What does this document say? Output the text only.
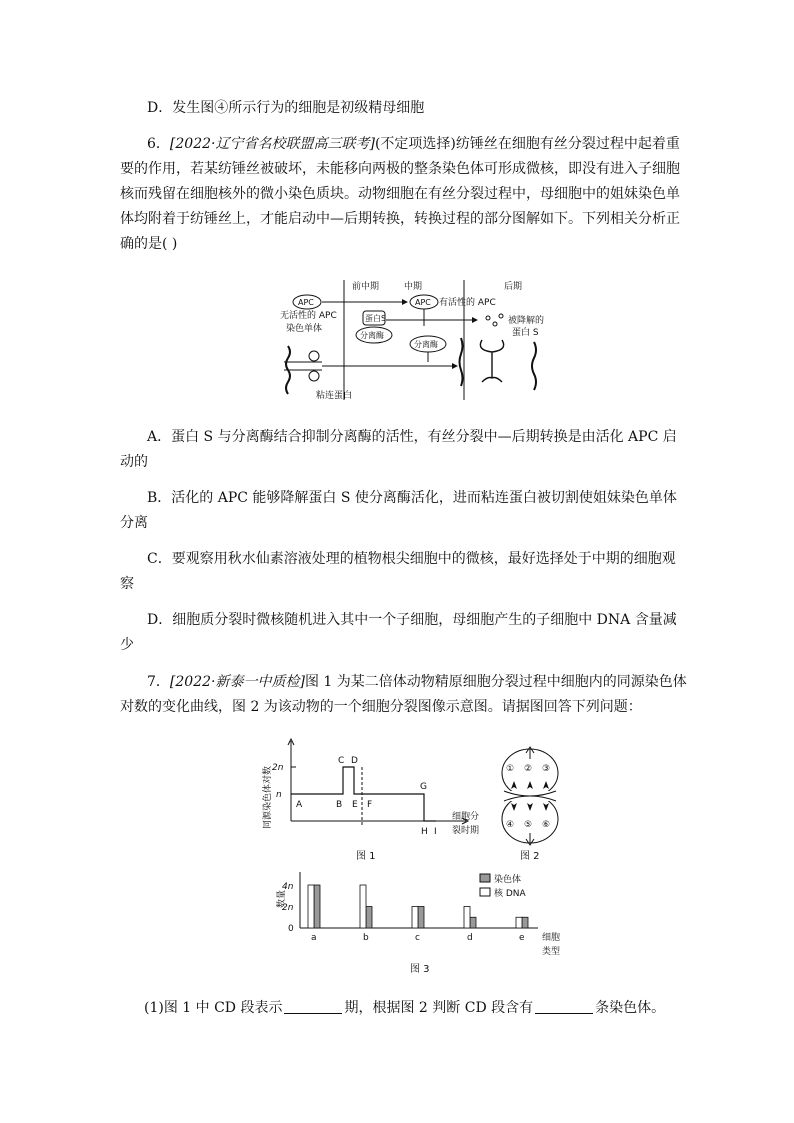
D．发生图④所示行为的细胞是初级精母细胞
6．[2022·辽宁省名校联盟高三联考](不定项选择)纺锤丝在细胞有丝分裂过程中起着重
要的作用，若某纺锤丝被破坏，未能移向两极的整条染色体可形成微核，即没有进入子细胞
核而残留在细胞核外的微小染色质块。动物细胞在有丝分裂过程中，母细胞中的姐妹染色单
体均附着于纺锤丝上，才能启动中—后期转换，转换过程的部分图解如下。下列相关分析正
确的是( )
前中期	中期	后期
APC
无活性的 APC
染色单体
APC 有活性的 APC
蛋白S
分离酶
分离酶
被降解的
蛋白 S
粘连蛋白
A．蛋白 S 与分离酶结合抑制分离酶的活性，有丝分裂中—后期转换是由活化 APC 启
动的
B．活化的 APC 能够降解蛋白 S 使分离酶活化，进而粘连蛋白被切割使姐妹染色单体
分离
C．要观察用秋水仙素溶液处理的植物根尖细胞中的微核，最好选择处于中期的细胞观
察
D．细胞质分裂时微核随机进入其中一个子细胞，母细胞产生的子细胞中 DNA 含量减
少
7．[2022·新泰一中质检]图 1 为某二倍体动物精原细胞分裂过程中细胞内的同源染色体
对数的变化曲线，图 2 为该动物的一个细胞分裂图像示意图。请据图回答下列问题：
同源染色体对数 2n
n
A	B
C D
E F
G
H I
细胞分
裂时期
图 1
① ② ③
④ ⑤ ⑥
图 2
数量
4n
2n
0
a	b	c	d	e
染色体
核 DNA
细胞
类型
图 3
(1)图 1 中 CD 段表示	期，根据图 2 判断 CD 段含有	条染色体。
